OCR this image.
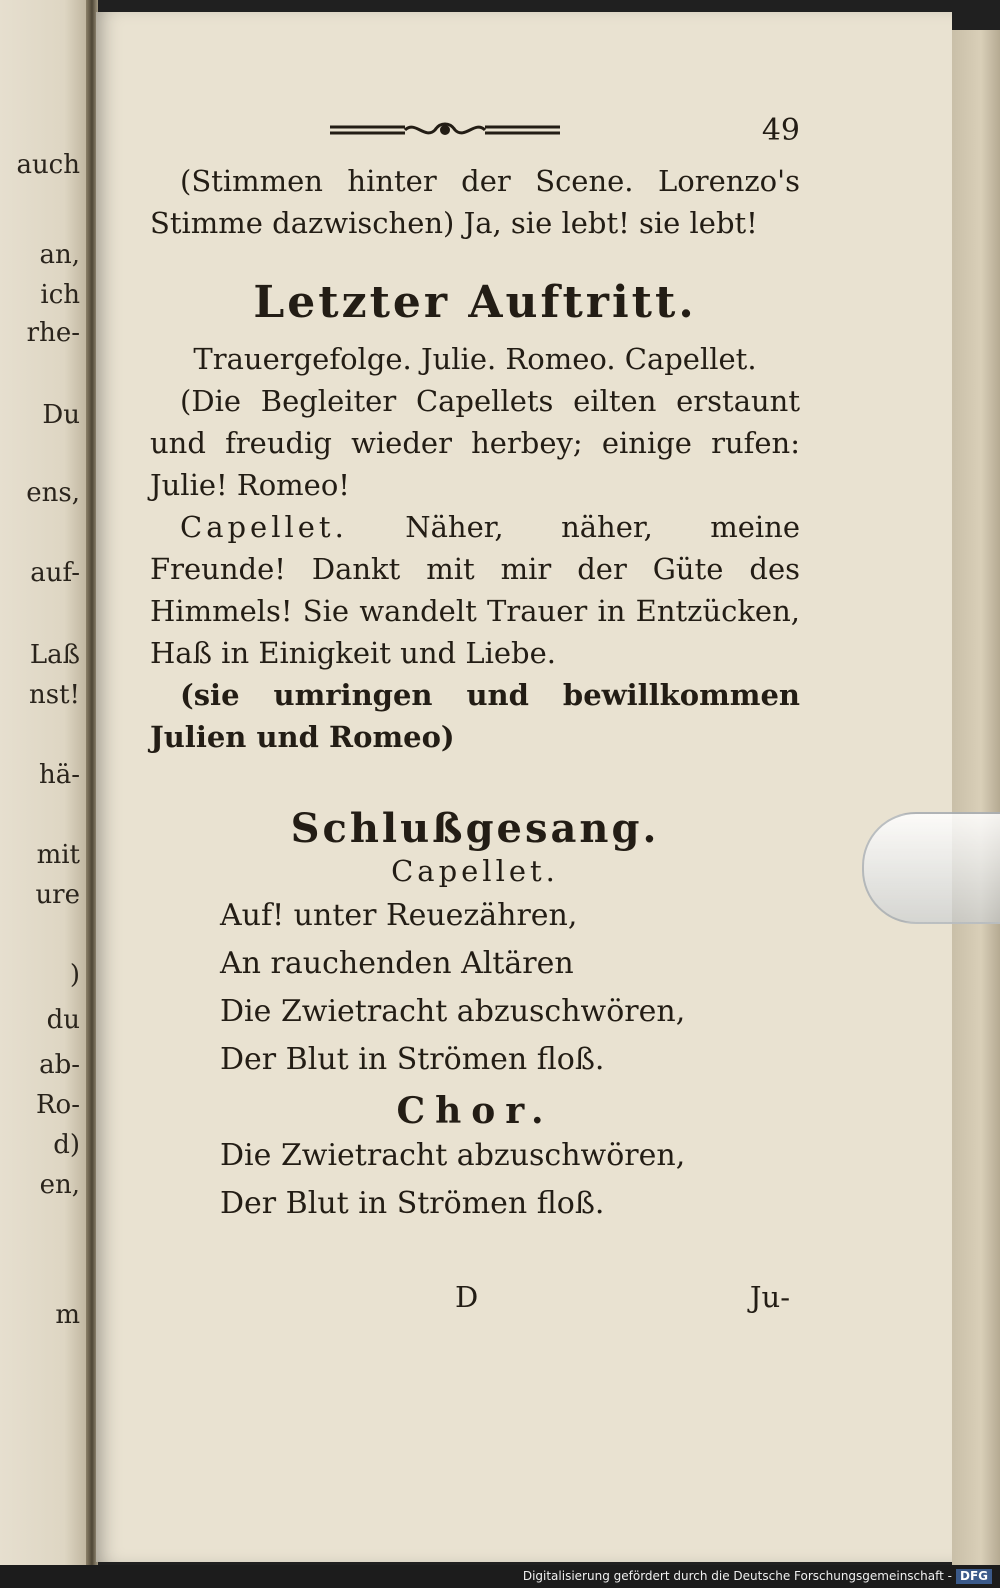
auch
an,
ich
rhe-
Du
ens,
auf-
Laß
nst!
hä-
mit
ure
)
du
ab-
Ro-
d)
en,
m
49

(Stimmen hinter der Scene. Lorenzo's Stimme dazwischen) Ja, sie lebt! sie lebt!

Letzter Auftritt.

Trauergefolge. Julie. Romeo. Capellet.

(Die Begleiter Capellets eilten erstaunt und freudig wieder herbey; einige rufen: Julie! Romeo!

Capellet. Näher, näher, meine Freunde! Dankt mit mir der Güte des Himmels! Sie wandelt Trauer in Entzücken, Haß in Einigkeit und Liebe.

(sie umringen und bewillkommen Julien und Romeo)

Schlußgesang.

Capellet.

Auf! unter Reuezähren,

An rauchenden Altären

Die Zwietracht abzuschwören,

Der Blut in Strömen floß.

Chor.

Die Zwietracht abzuschwören,

Der Blut in Strömen floß.

D	Ju-
Digitalisierung gefördert durch die Deutsche Forschungsgemeinschaft - DFG
